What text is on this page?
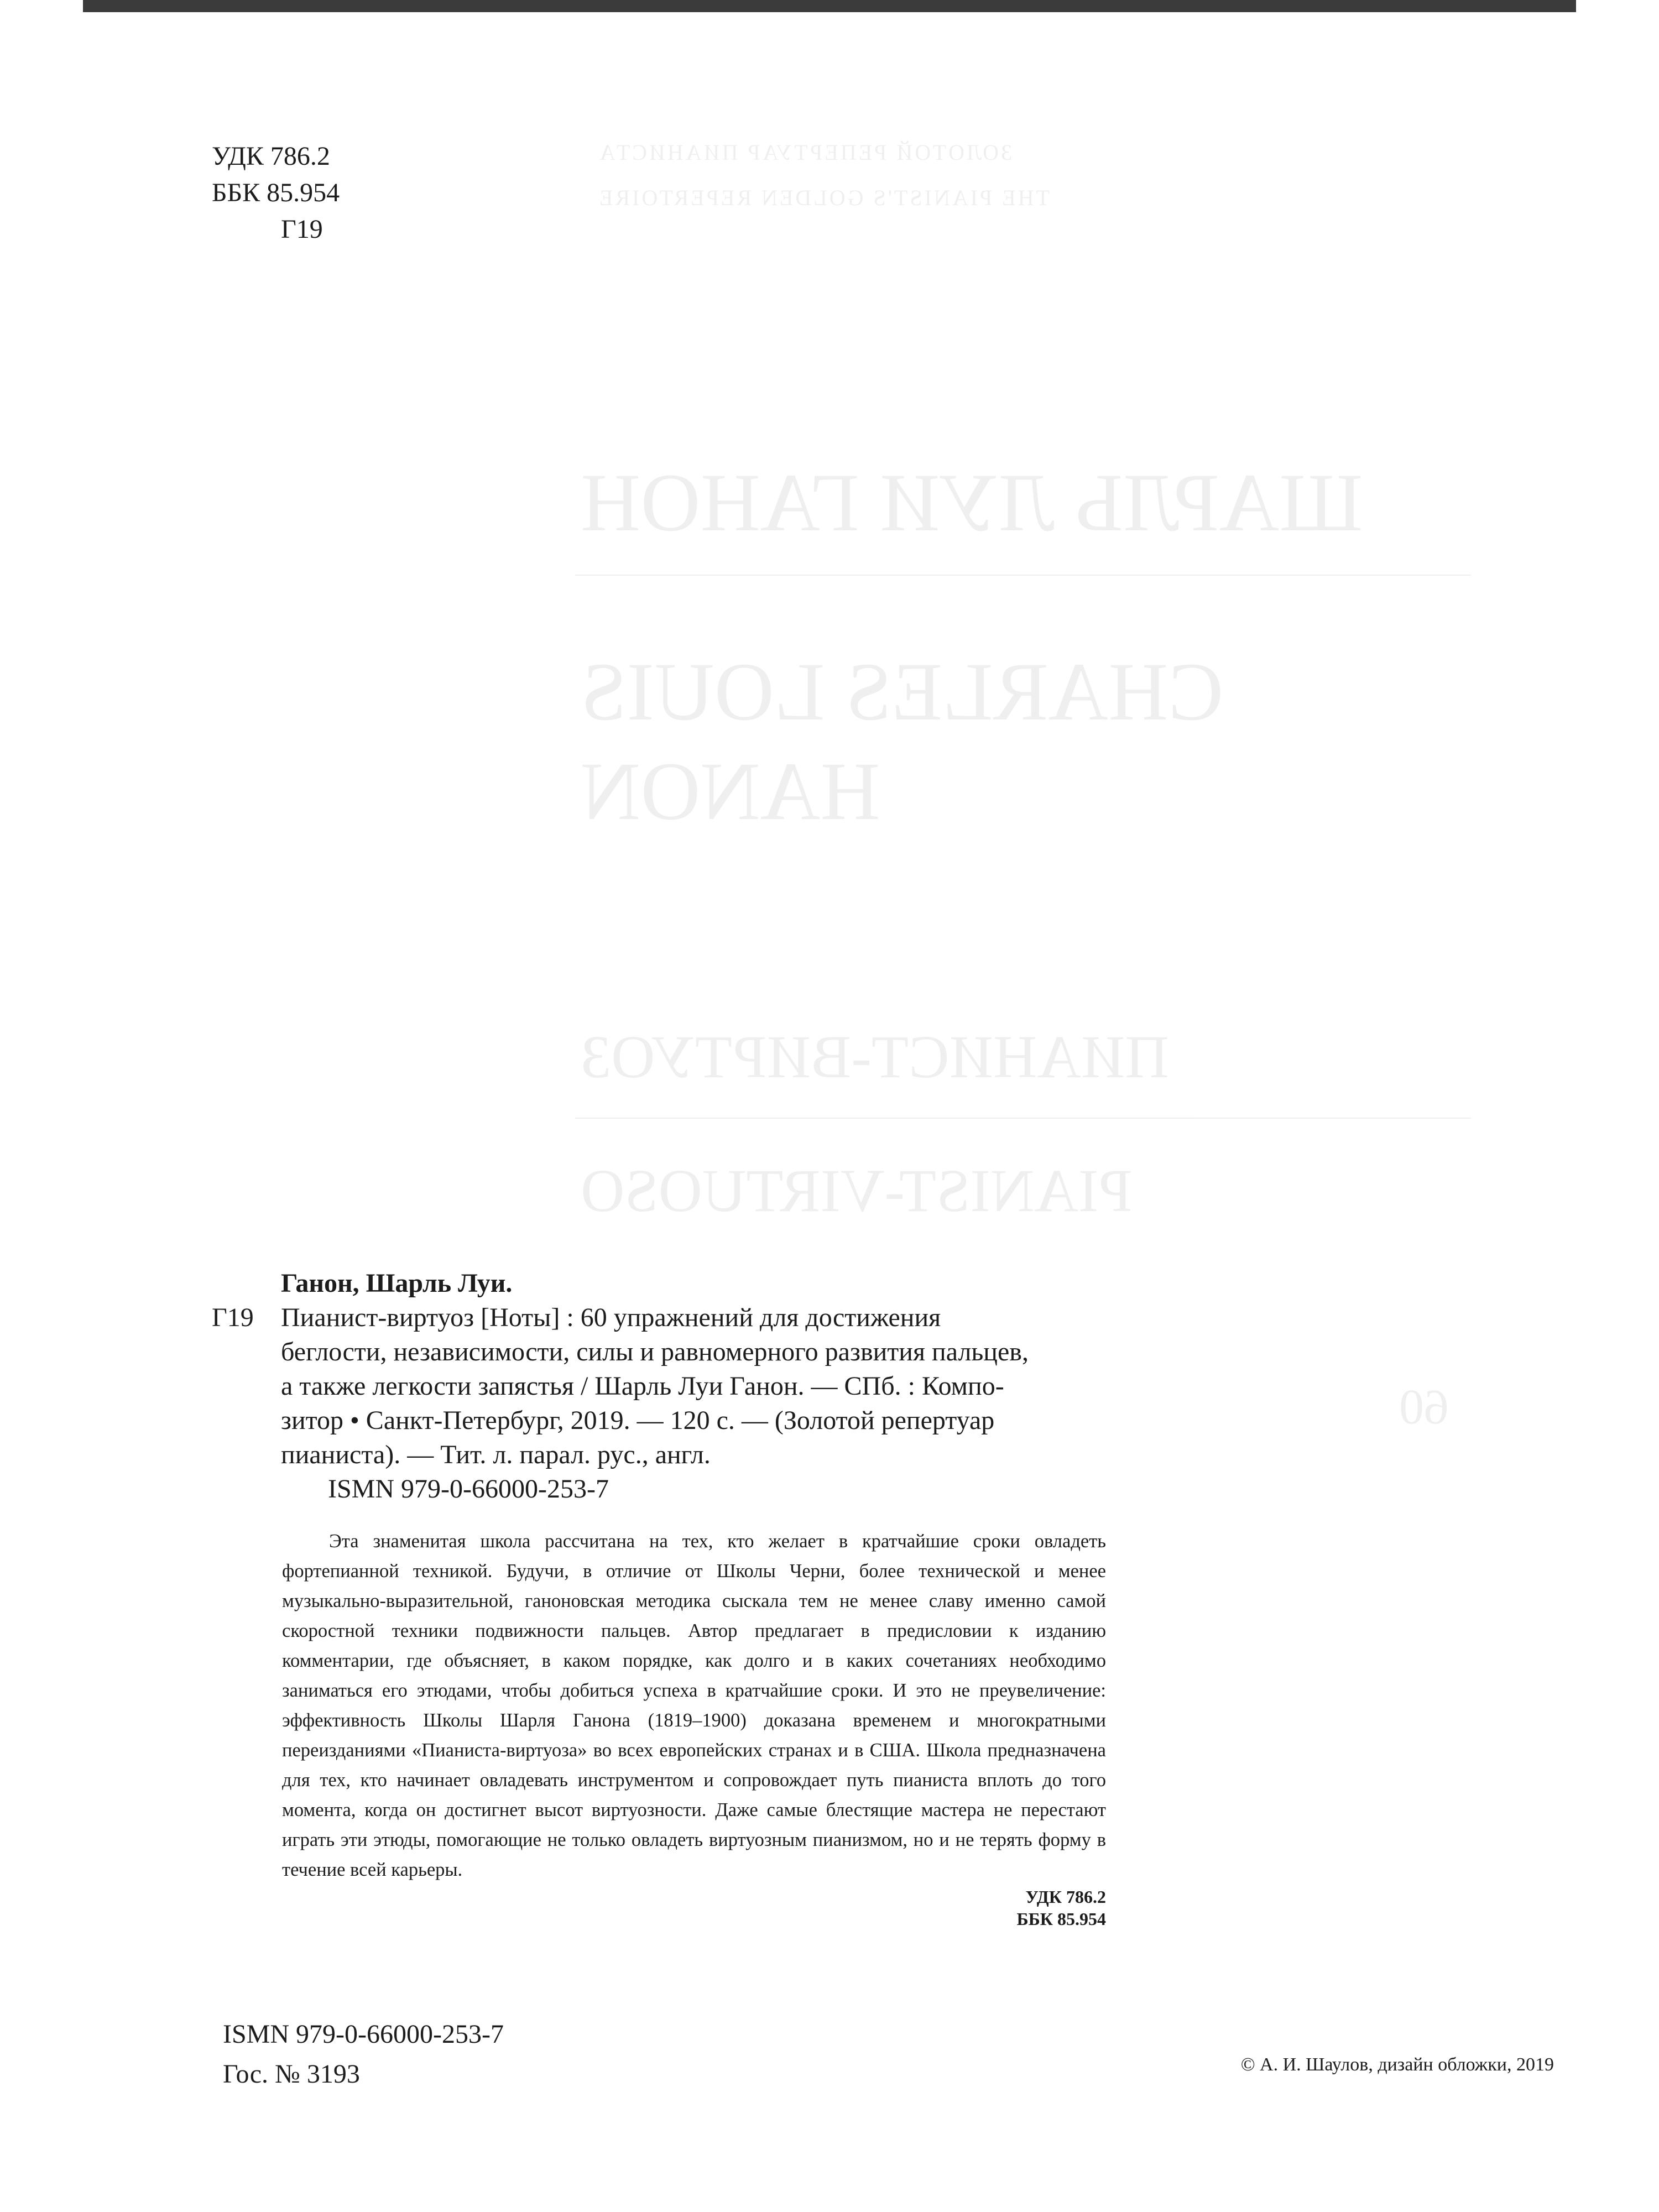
ЗОЛОТОЙ РЕПЕРТУАР ПИАНИСТА
THE PIANIST'S GOLDEN REPERTOIRE
ШАРЛЬ ЛУИ ГАНОН
CHARLES LOUIS HANON
ПИАНИСТ-ВИРТУОЗ
PIANIST-VIRTUOSO
60
УДК 786.2
ББК 85.954
Г19
Ганон, Шарль Луи.
Г19 Пианист-виртуоз [Ноты] : 60 упражнений для достижения
беглости, независимости, силы и равномерного развития пальцев,
а также легкости запястья / Шарль Луи Ганон. — СПб. : Компо-
зитор • Санкт-Петербург, 2019. — 120 с. — (Золотой репертуар
пианиста). — Тит. л. парал. рус., англ.
ISMN 979-0-66000-253-7
Эта знаменитая школа рассчитана на тех, кто желает в кратчайшие сроки овладеть фортепианной техникой. Будучи, в отличие от Школы Черни, более технической и менее музыкально-выразительной, ганоновская методика сыскала тем не менее славу именно самой скоростной техники подвижности пальцев. Автор предлагает в предисловии к изданию комментарии, где объясняет, в каком порядке, как долго и в каких сочетаниях необходимо заниматься его этюдами, чтобы добиться успеха в кратчайшие сроки. И это не преувеличение: эффективность Школы Шарля Ганона (1819–1900) доказана временем и многократными переизданиями «Пианиста-виртуоза» во всех европейских странах и в США. Школа предназначена для тех, кто начинает овладевать инструментом и сопровождает путь пианиста вплоть до того момента, когда он достигнет высот виртуозности. Даже самые блестящие мастера не перестают играть эти этюды, помогающие не только овладеть виртуозным пианизмом, но и не терять форму в течение всей карьеры.
УДК 786.2
ББК 85.954
ISMN 979-0-66000-253-7
Гос. № 3193	© А. И. Шаулов, дизайн обложки, 2019
